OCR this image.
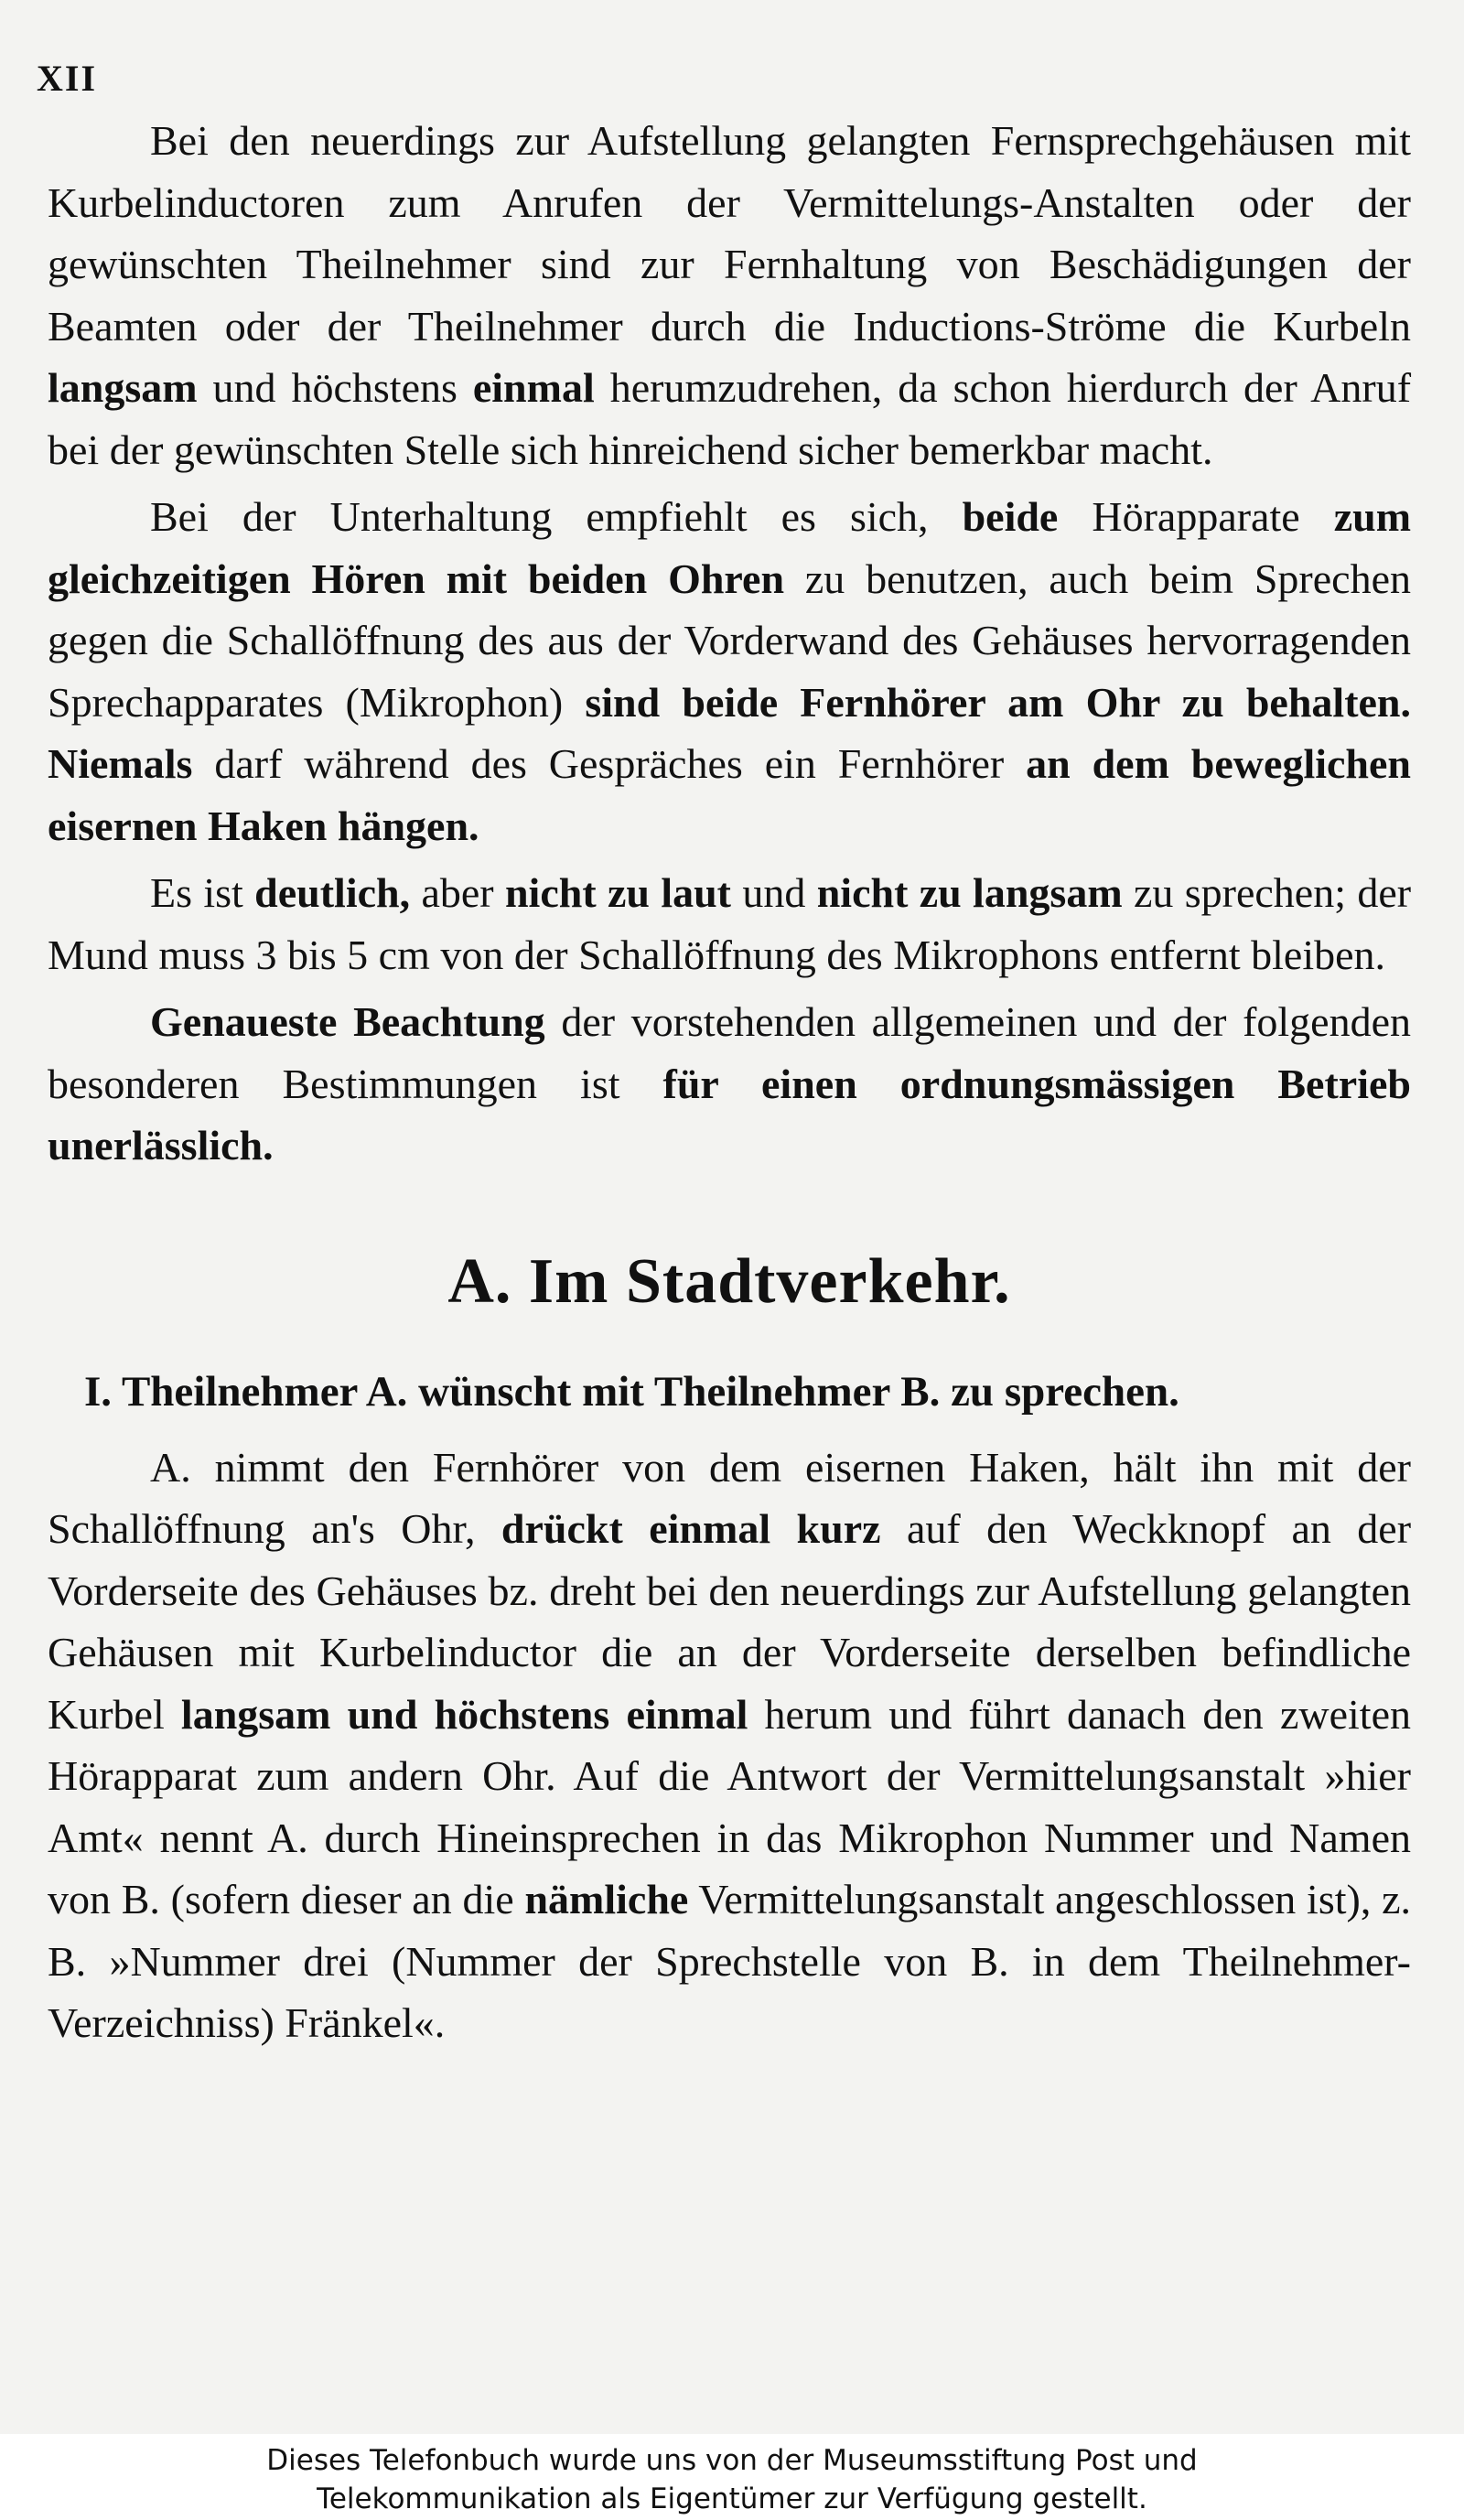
XII

Bei den neuerdings zur Aufstellung gelangten Fernsprechgehäusen mit Kurbelinductoren zum Anrufen der Vermittelungs-Anstalten oder der gewünschten Theilnehmer sind zur Fernhaltung von Beschädigungen der Beamten oder der Theilnehmer durch die Inductions-Ströme die Kurbeln langsam und höchstens einmal herumzudrehen, da schon hierdurch der Anruf bei der gewünschten Stelle sich hinreichend sicher bemerkbar macht.

Bei der Unterhaltung empfiehlt es sich, beide Hörapparate zum gleichzeitigen Hören mit beiden Ohren zu benutzen, auch beim Sprechen gegen die Schallöffnung des aus der Vorderwand des Gehäuses hervorragenden Sprechapparates (Mikrophon) sind beide Fernhörer am Ohr zu behalten. Niemals darf während des Gespräches ein Fernhörer an dem beweglichen eisernen Haken hängen.

Es ist deutlich, aber nicht zu laut und nicht zu langsam zu sprechen; der Mund muss 3 bis 5 cm von der Schallöffnung des Mikrophons entfernt bleiben.

Genaueste Beachtung der vorstehenden allgemeinen und der folgenden besonderen Bestimmungen ist für einen ordnungsmässigen Betrieb unerlässlich.

A. Im Stadtverkehr.
I. Theilnehmer A. wünscht mit Theilnehmer B. zu sprechen.

A. nimmt den Fernhörer von dem eisernen Haken, hält ihn mit der Schallöffnung an's Ohr, drückt einmal kurz auf den Weckknopf an der Vorderseite des Gehäuses bz. dreht bei den neuerdings zur Aufstellung gelangten Gehäusen mit Kurbelinductor die an der Vorderseite derselben befindliche Kurbel langsam und höchstens einmal herum und führt danach den zweiten Hörapparat zum andern Ohr. Auf die Antwort der Vermittelungsanstalt »hier Amt« nennt A. durch Hineinsprechen in das Mikrophon Nummer und Namen von B. (sofern dieser an die nämliche Vermittelungsanstalt angeschlossen ist), z. B. »Nummer drei (Nummer der Sprechstelle von B. in dem Theilnehmer-Verzeichniss) Fränkel«.

Dieses Telefonbuch wurde uns von der Museumsstiftung Post und
Telekommunikation als Eigentümer zur Verfügung gestellt.
